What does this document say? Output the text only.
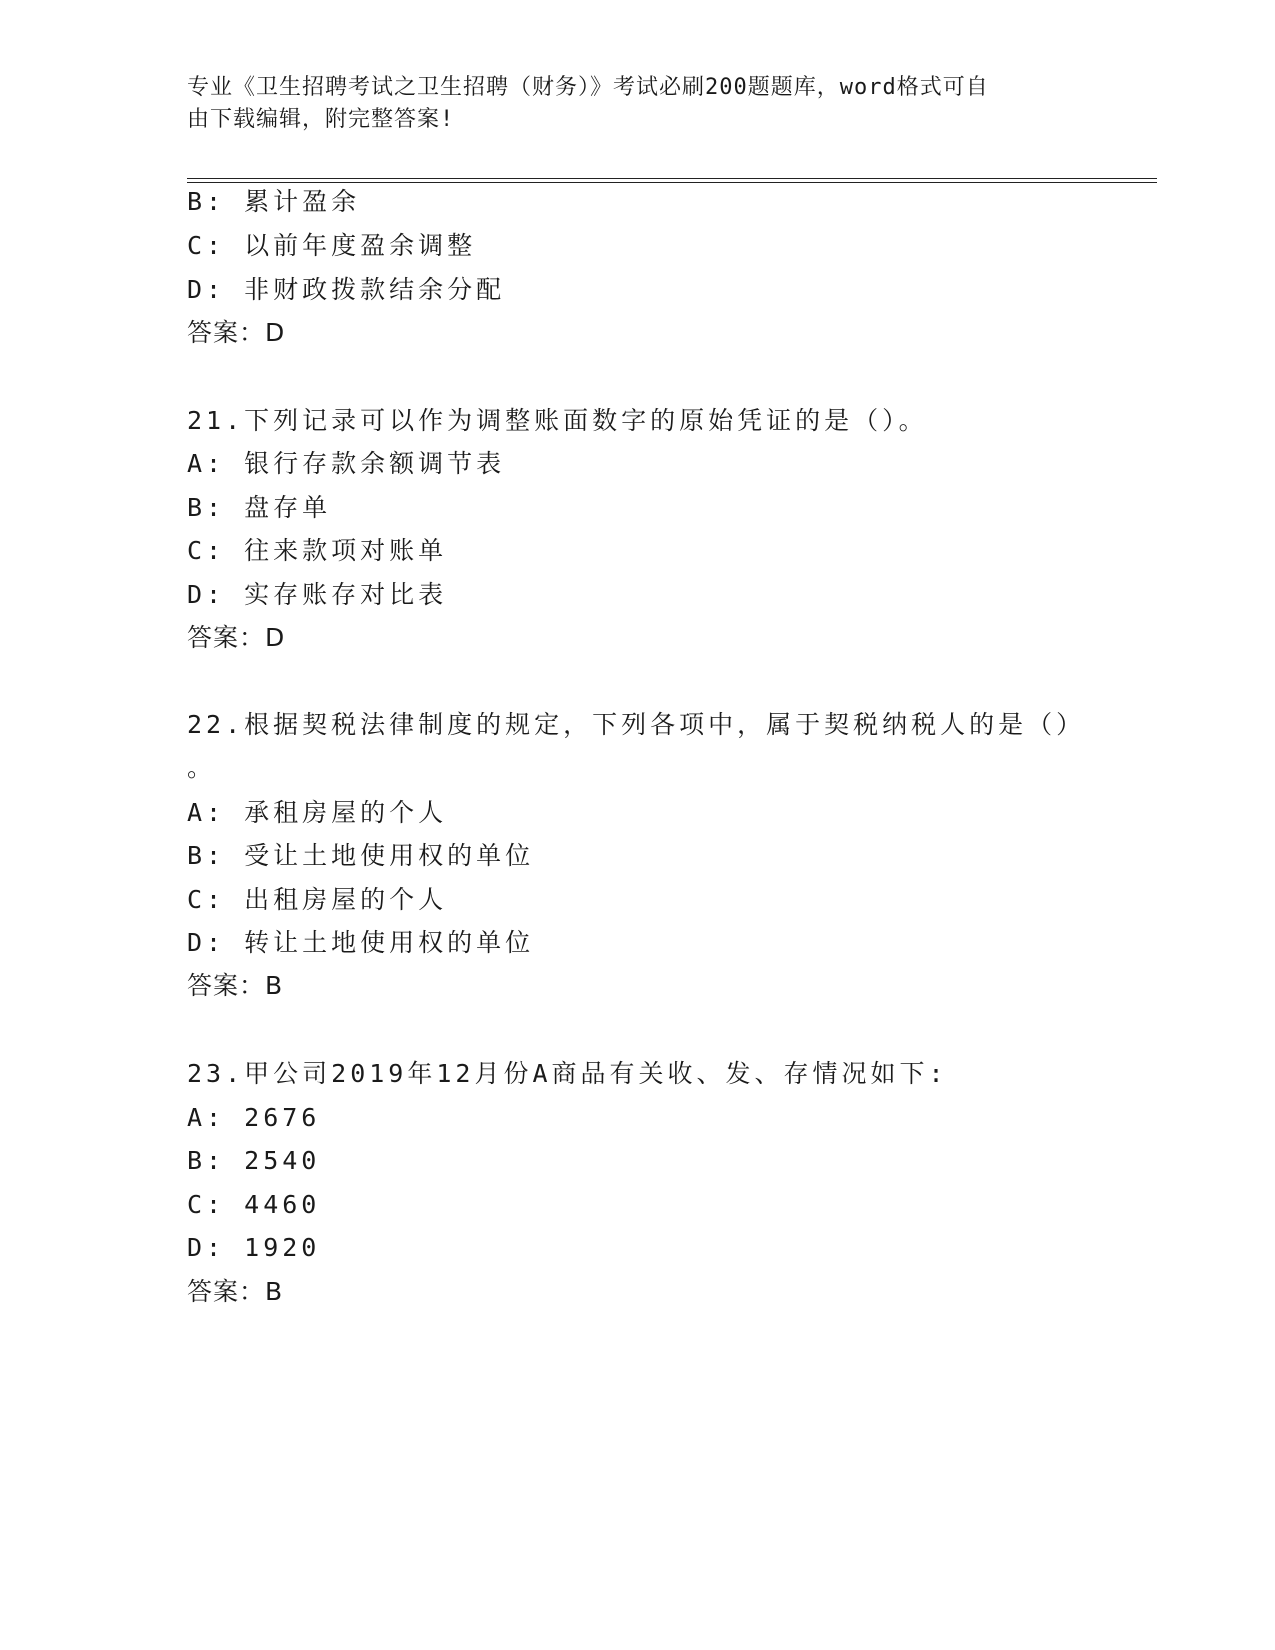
专业《卫生招聘考试之卫生招聘（财务）》考试必刷200题题库，word格式可自
由下载编辑，附完整答案!
B: 累计盈余
C: 以前年度盈余调整
D: 非财政拨款结余分配
答案：D
21.下列记录可以作为调整账面数字的原始凭证的是（）。
A: 银行存款余额调节表
B: 盘存单
C: 往来款项对账单
D: 实存账存对比表
答案：D
22.根据契税法律制度的规定，下列各项中，属于契税纳税人的是（）
。
A: 承租房屋的个人
B: 受让土地使用权的单位
C: 出租房屋的个人
D: 转让土地使用权的单位
答案：B
23.甲公司2019年12月份A商品有关收、发、存情况如下:
A: 2676
B: 2540
C: 4460
D: 1920
答案：B
